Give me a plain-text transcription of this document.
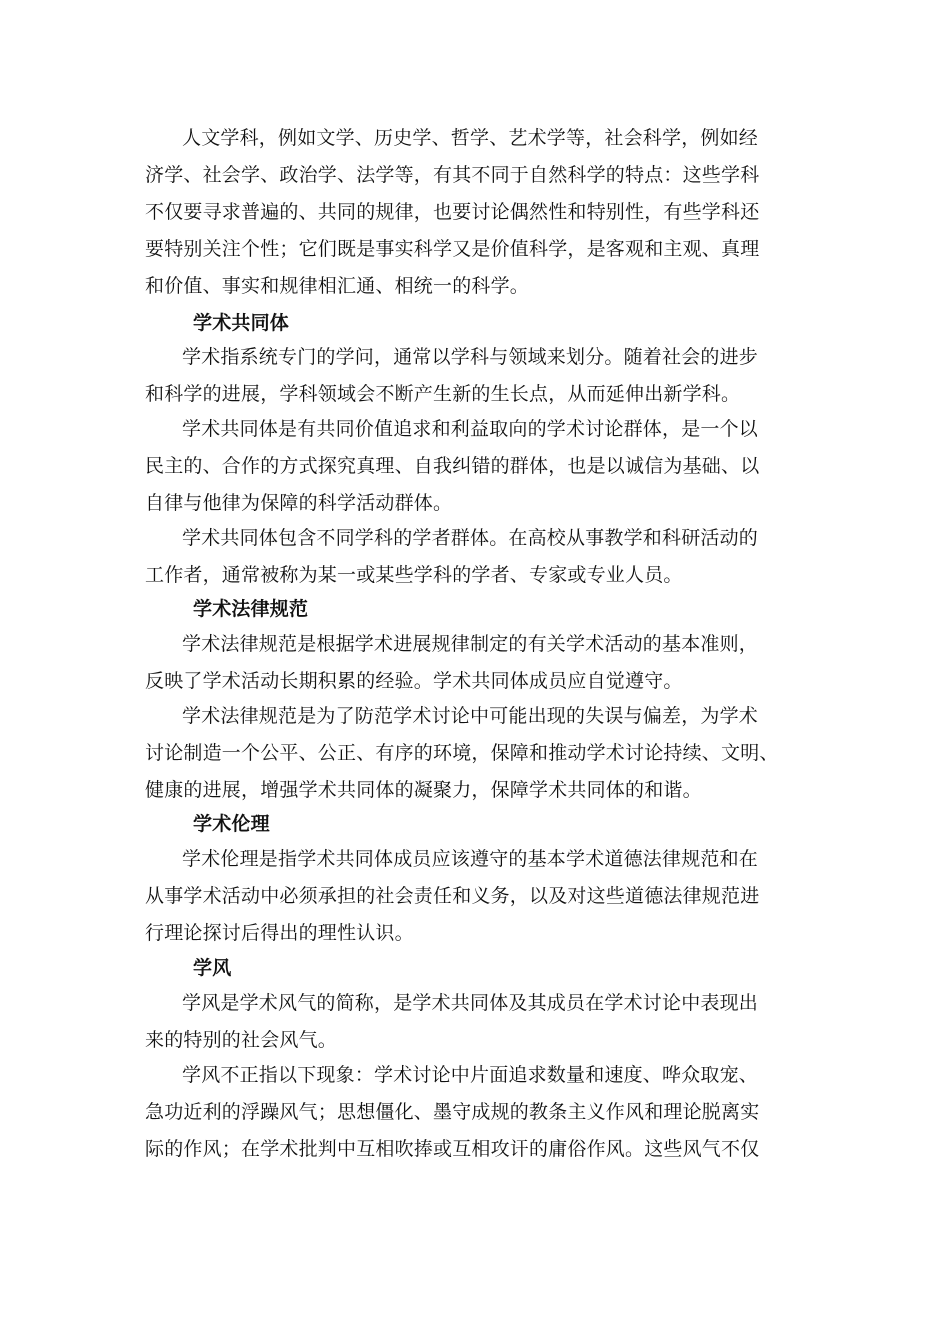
人文学科，例如文学、历史学、哲学、艺术学等，社会科学，例如经
济学、社会学、政治学、法学等，有其不同于自然科学的特点：这些学科
不仅要寻求普遍的、共同的规律，也要讨论偶然性和特别性，有些学科还
要特别关注个性；它们既是事实科学又是价值科学，是客观和主观、真理
和价值、事实和规律相汇通、相统一的科学。
学术共同体
学术指系统专门的学问，通常以学科与领域来划分。随着社会的进步
和科学的进展，学科领域会不断产生新的生长点，从而延伸出新学科。
学术共同体是有共同价值追求和利益取向的学术讨论群体，是一个以
民主的、合作的方式探究真理、自我纠错的群体，也是以诚信为基础、以
自律与他律为保障的科学活动群体。
学术共同体包含不同学科的学者群体。在高校从事教学和科研活动的
工作者，通常被称为某一或某些学科的学者、专家或专业人员。
学术法律规范
学术法律规范是根据学术进展规律制定的有关学术活动的基本准则，
反映了学术活动长期积累的经验。学术共同体成员应自觉遵守。
学术法律规范是为了防范学术讨论中可能出现的失误与偏差，为学术
讨论制造一个公平、公正、有序的环境，保障和推动学术讨论持续、文明、
健康的进展，增强学术共同体的凝聚力，保障学术共同体的和谐。
学术伦理
学术伦理是指学术共同体成员应该遵守的基本学术道德法律规范和在
从事学术活动中必须承担的社会责任和义务，以及对这些道德法律规范进
行理论探讨后得出的理性认识。
学风
学风是学术风气的简称，是学术共同体及其成员在学术讨论中表现出
来的特别的社会风气。
学风不正指以下现象：学术讨论中片面追求数量和速度、哗众取宠、
急功近利的浮躁风气；思想僵化、墨守成规的教条主义作风和理论脱离实
际的作风；在学术批判中互相吹捧或互相攻讦的庸俗作风。这些风气不仅
